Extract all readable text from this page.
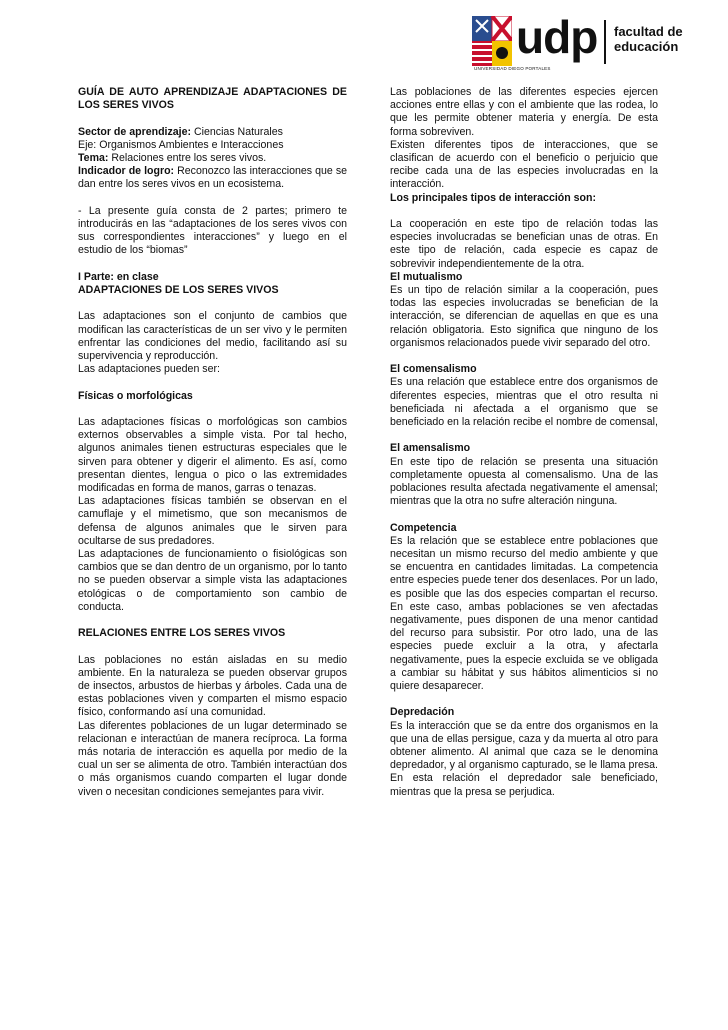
udp
UNIVERSIDAD DIEGO PORTALES
facultad de
educación

GUÍA DE AUTO APRENDIZAJE ADAPTACIONES DE LOS SERES VIVOS

Sector de aprendizaje: Ciencias Naturales

Eje: Organismos Ambientes e Interacciones

Tema: Relaciones entre los seres vivos.

Indicador de logro: Reconozco las interacciones que se dan entre los seres vivos en un ecosistema.

- La presente guía consta de 2 partes; primero te introducirás en las “adaptaciones de los seres vivos con sus correspondientes interacciones” y luego en el estudio de los “biomas”

I Parte: en clase

ADAPTACIONES DE LOS SERES VIVOS

Las adaptaciones son el conjunto de cambios que modifican las características de un ser vivo y le permiten enfrentar las condiciones del medio, facilitando así su supervivencia y reproducción.

Las adaptaciones pueden ser:

Físicas o morfológicas

Las adaptaciones físicas o morfológicas son cambios externos observables a simple vista. Por tal hecho, algunos animales tienen estructuras especiales que le sirven para obtener y digerir el alimento. Es así, como presentan dientes, lengua o pico o las extremidades modificadas en forma de manos, garras o tenazas.

Las adaptaciones físicas también se observan en el camuflaje y el mimetismo, que son mecanismos de defensa de algunos animales que le sirven para ocultarse de sus predadores.

Las adaptaciones de funcionamiento o fisiológicas son cambios que se dan dentro de un organismo, por lo tanto no se pueden observar a simple vista las adaptaciones etológicas o de comportamiento son cambio de conducta.

RELACIONES ENTRE LOS SERES VIVOS

Las poblaciones no están aisladas en su medio ambiente. En la naturaleza se pueden observar grupos de insectos, arbustos de hierbas y árboles. Cada una de estas poblaciones viven y comparten el mismo espacio físico, conformando así una comunidad.

Las diferentes poblaciones de un lugar determinado se relacionan e interactúan de manera recíproca. La forma más notaria de interacción es aquella por medio de la cual un ser se alimenta de otro. También interactúan dos o más organismos cuando comparten el lugar donde viven o necesitan condiciones semejantes para vivir.

Las poblaciones de las diferentes especies ejercen acciones entre ellas y con el ambiente que las rodea, lo que les permite obtener materia y energía. De esta forma sobreviven.

Existen diferentes tipos de interacciones, que se clasifican de acuerdo con el beneficio o perjuicio que recibe cada una de las especies involucradas en la interacción.

Los principales tipos de interacción son:

La cooperación en este tipo de relación todas las especies involucradas se benefician unas de otras. En este tipo de relación, cada especie es capaz de sobrevivir independientemente de la otra.

El mutualismo

Es un tipo de relación similar a la cooperación, pues todas las especies involucradas se benefician de la interacción, se diferencian de aquellas en que es una relación obligatoria. Esto significa que ninguno de los organismos relacionados puede vivir separado del otro.

El comensalismo

Es una relación que establece entre dos organismos de diferentes especies, mientras que el otro resulta ni beneficiada ni afectada a el organismo que se beneficiado en la relación recibe el nombre de comensal,

El amensalismo

En este tipo de relación se presenta una situación completamente opuesta al comensalismo. Una de las poblaciones resulta afectada negativamente el amensal; mientras que la otra no sufre alteración ninguna.

Competencia

Es la relación que se establece entre poblaciones que necesitan un mismo recurso del medio ambiente y que se encuentra en cantidades limitadas. La competencia entre especies puede tener dos desenlaces. Por un lado, es posible que las dos especies compartan el recurso. En este caso, ambas poblaciones se ven afectadas negativamente, pues disponen de una menor cantidad del recurso para subsistir. Por otro lado, una de las especies puede excluir a la otra, y afectarla negativamente, pues la especie excluida se ve obligada a cambiar su hábitat y sus hábitos alimenticios si no quiere desaparecer.

Depredación

Es la interacción que se da entre dos organismos en la que una de ellas persigue, caza y da muerta al otro para obtener alimento. Al animal que caza se le denomina depredador, y al organismo capturado, se le llama presa. En esta relación el depredador sale beneficiado, mientras que la presa se perjudica.
